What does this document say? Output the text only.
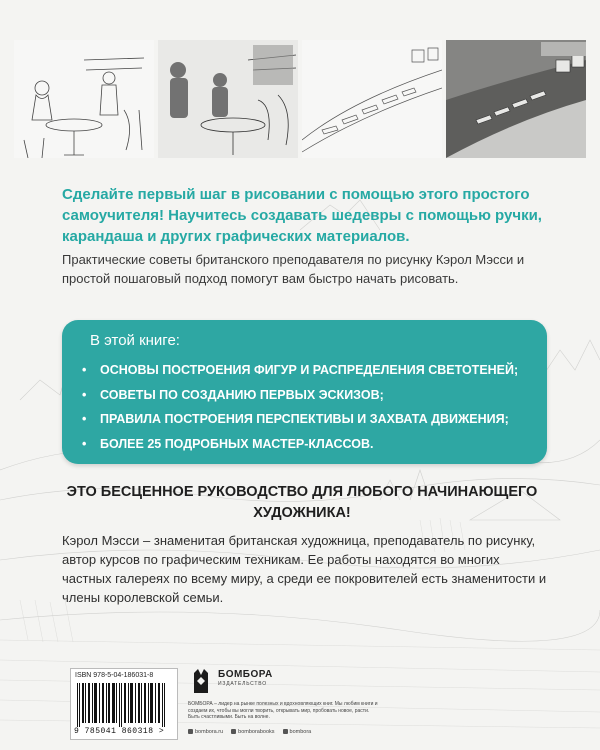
Сделайте первый шаг в рисовании с помощью этого простого самоучителя! Научитесь создавать шедевры с помощью ручки, карандаша и других графических материалов.
Практические советы британского преподавателя по рисунку Кэрол Мэсси и простой пошаговый подход помогут вам быстро начать рисовать.
В этой книге:
• ОСНОВЫ ПОСТРОЕНИЯ ФИГУР И РАСПРЕДЕЛЕНИЯ СВЕТОТЕНЕЙ;
• СОВЕТЫ ПО СОЗДАНИЮ ПЕРВЫХ ЭСКИЗОВ;
• ПРАВИЛА ПОСТРОЕНИЯ ПЕРСПЕКТИВЫ И ЗАХВАТА ДВИЖЕНИЯ;
• БОЛЕЕ 25 ПОДРОБНЫХ МАСТЕР-КЛАССОВ.
ЭТО БЕСЦЕННОЕ РУКОВОДСТВО ДЛЯ ЛЮБОГО НАЧИНАЮЩЕГО ХУДОЖНИКА!
Кэрол Мэсси – знаменитая британская художница, преподаватель по рисунку, автор курсов по графическим техникам. Ее работы находятся во многих частных галереях по всему миру, а среди ее покровителей есть знаменитости и члены королевской семьи.
ISBN 978-5-04-186031-8
9 785041 860318 >
БОМБОРА
ИЗДАТЕЛЬСТВО
БОМБОРА – лидер на рынке полезных и вдохновляющих книг. Мы любим книги и создаем их, чтобы вы могли творить, открывать мир, пробовать новое, расти. Быть счастливыми. Быть на волне.
bombora.ru	bomborabooks	bombora
